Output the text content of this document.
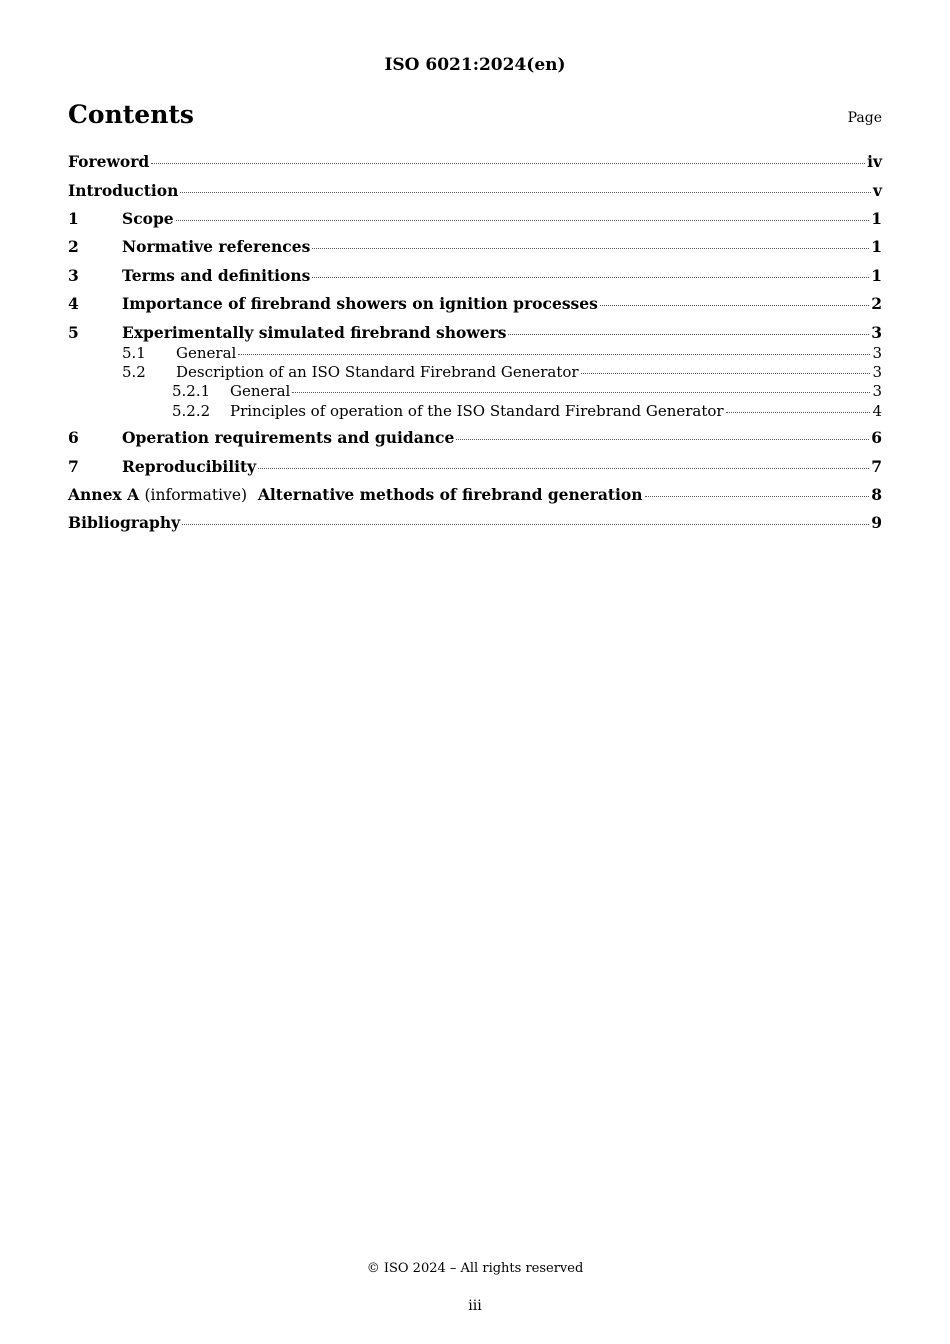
ISO 6021:2024(en)
Contents	Page
Foreword	iv
Introduction	v
1	Scope	1
2	Normative references	1
3	Terms and definitions	1
4	Importance of firebrand showers on ignition processes	2
5	Experimentally simulated firebrand showers	3
5.1	General	3
5.2	Description of an ISO Standard Firebrand Generator	3
5.2.1	General	3
5.2.2	Principles of operation of the ISO Standard Firebrand Generator	4
6	Operation requirements and guidance	6
7	Reproducibility	7
Annex A (informative) Alternative methods of firebrand generation	8
Bibliography	9
© ISO 2024 – All rights reserved
iii
